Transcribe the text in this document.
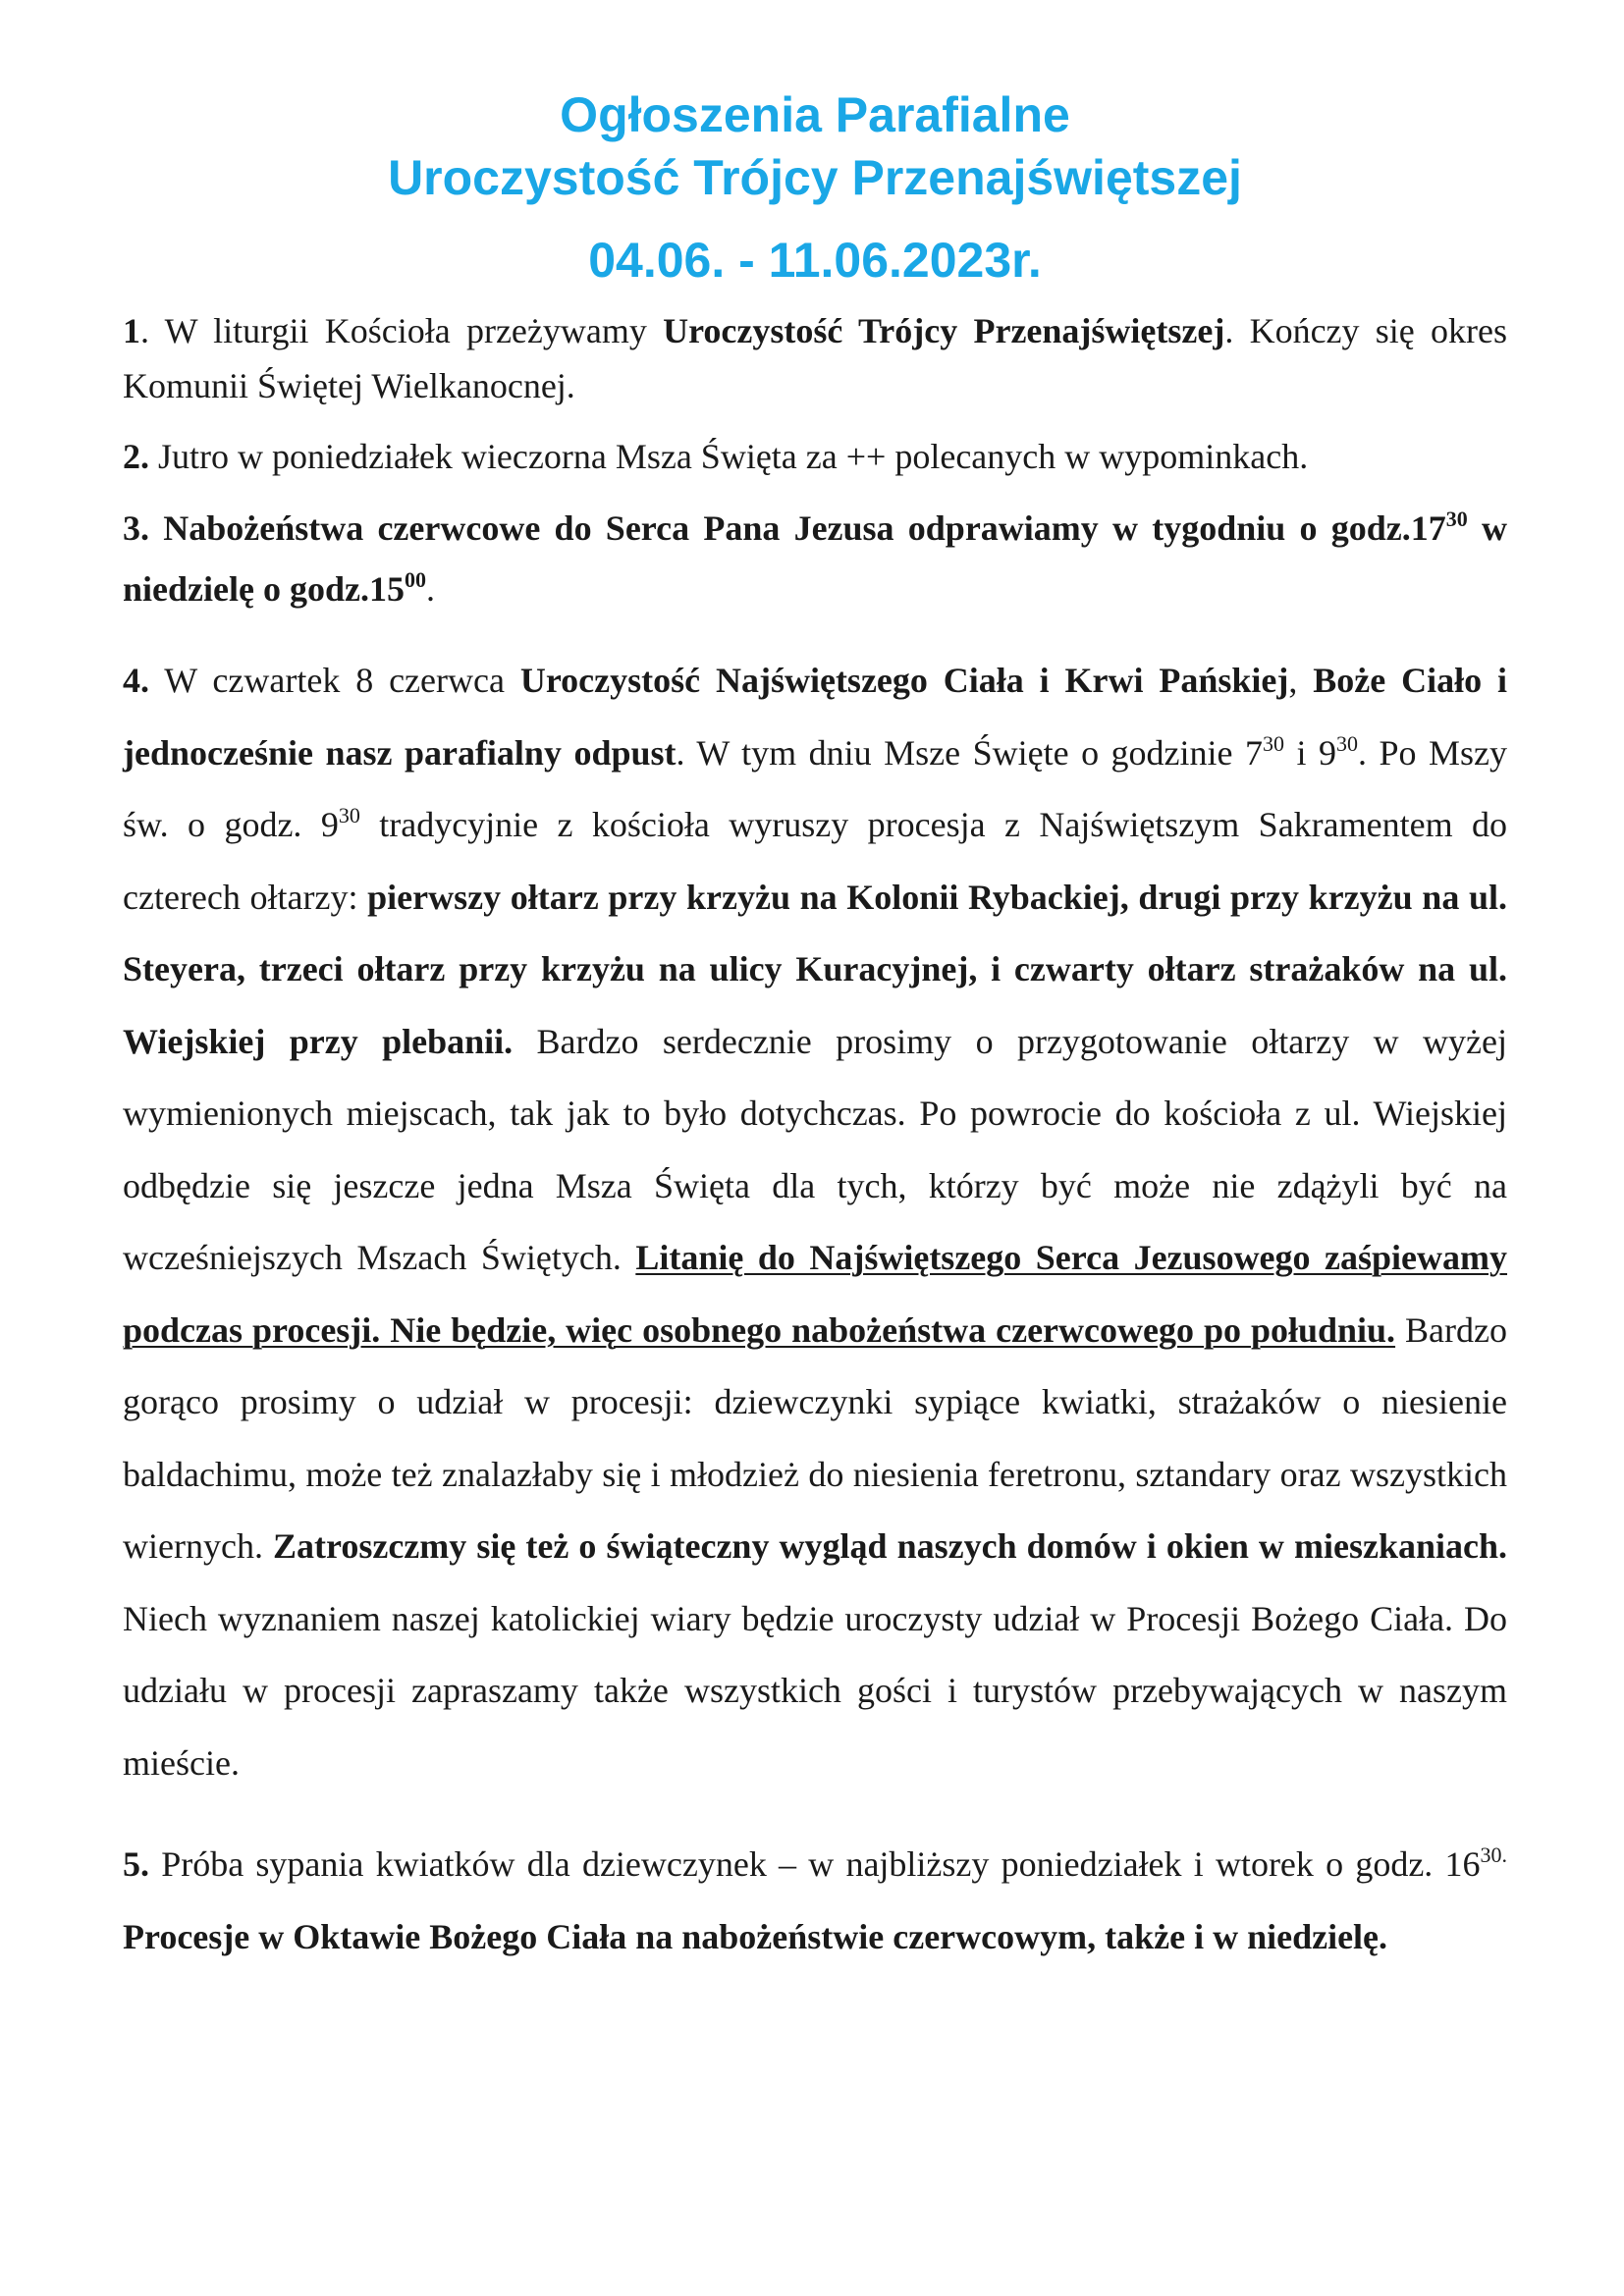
Ogłoszenia Parafialne
Uroczystość Trójcy Przenajświętszej
04.06. - 11.06.2023r.

1. W liturgii Kościoła przeżywamy Uroczystość Trójcy Przenajświętszej. Kończy się okres Komunii Świętej Wielkanocnej.

2. Jutro w poniedziałek wieczorna Msza Święta za ++ polecanych w wypominkach.

3. Nabożeństwa czerwcowe do Serca Pana Jezusa odprawiamy w tygodniu o $godz.17^{30}$ w niedzielę o $godz.15^{00}$.

4. W czwartek 8 czerwca Uroczystość Najświętszego Ciała i Krwi Pańskiej, Boże Ciało i jednocześnie nasz parafialny odpust. W tym dniu Msze Święte o godzinie $7^{30}$ i $9^{30}$. Po Mszy św. o godz. $9^{30}$ tradycyjnie z kościoła wyruszy procesja z Najświętszym Sakramentem do czterech ołtarzy: pierwszy ołtarz przy krzyżu na Kolonii Rybackiej, drugi przy krzyżu na ul. Steyera, trzeci ołtarz przy krzyżu na ulicy Kuracyjnej, i czwarty ołtarz strażaków na ul. Wiejskiej przy plebanii. Bardzo serdecznie prosimy o przygotowanie ołtarzy w wyżej wymienionych miejscach, tak jak to było dotychczas. Po powrocie do kościoła z ul. Wiejskiej odbędzie się jeszcze jedna Msza Święta dla tych, którzy być może nie zdążyli być na wcześniejszych Mszach Świętych. Litanię do Najświętszego Serca Jezusowego zaśpiewamy podczas procesji. Nie będzie, więc osobnego nabożeństwa czerwcowego po południu. Bardzo gorąco prosimy o udział w procesji: dziewczynki sypiące kwiatki, strażaków o niesienie baldachimu, może też znalazłaby się i młodzież do niesienia feretronu, sztandary oraz wszystkich wiernych. Zatroszczmy się też o świąteczny wygląd naszych domów i okien w mieszkaniach. Niech wyznaniem naszej katolickiej wiary będzie uroczysty udział w Procesji Bożego Ciała. Do udziału w procesji zapraszamy także wszystkich gości i turystów przebywających w naszym mieście.

5. Próba sypania kwiatków dla dziewczynek – w najbliższy poniedziałek i wtorek o godz. $16^{30.}$ Procesje w Oktawie Bożego Ciała na nabożeństwie czerwcowym, także i w niedzielę.
